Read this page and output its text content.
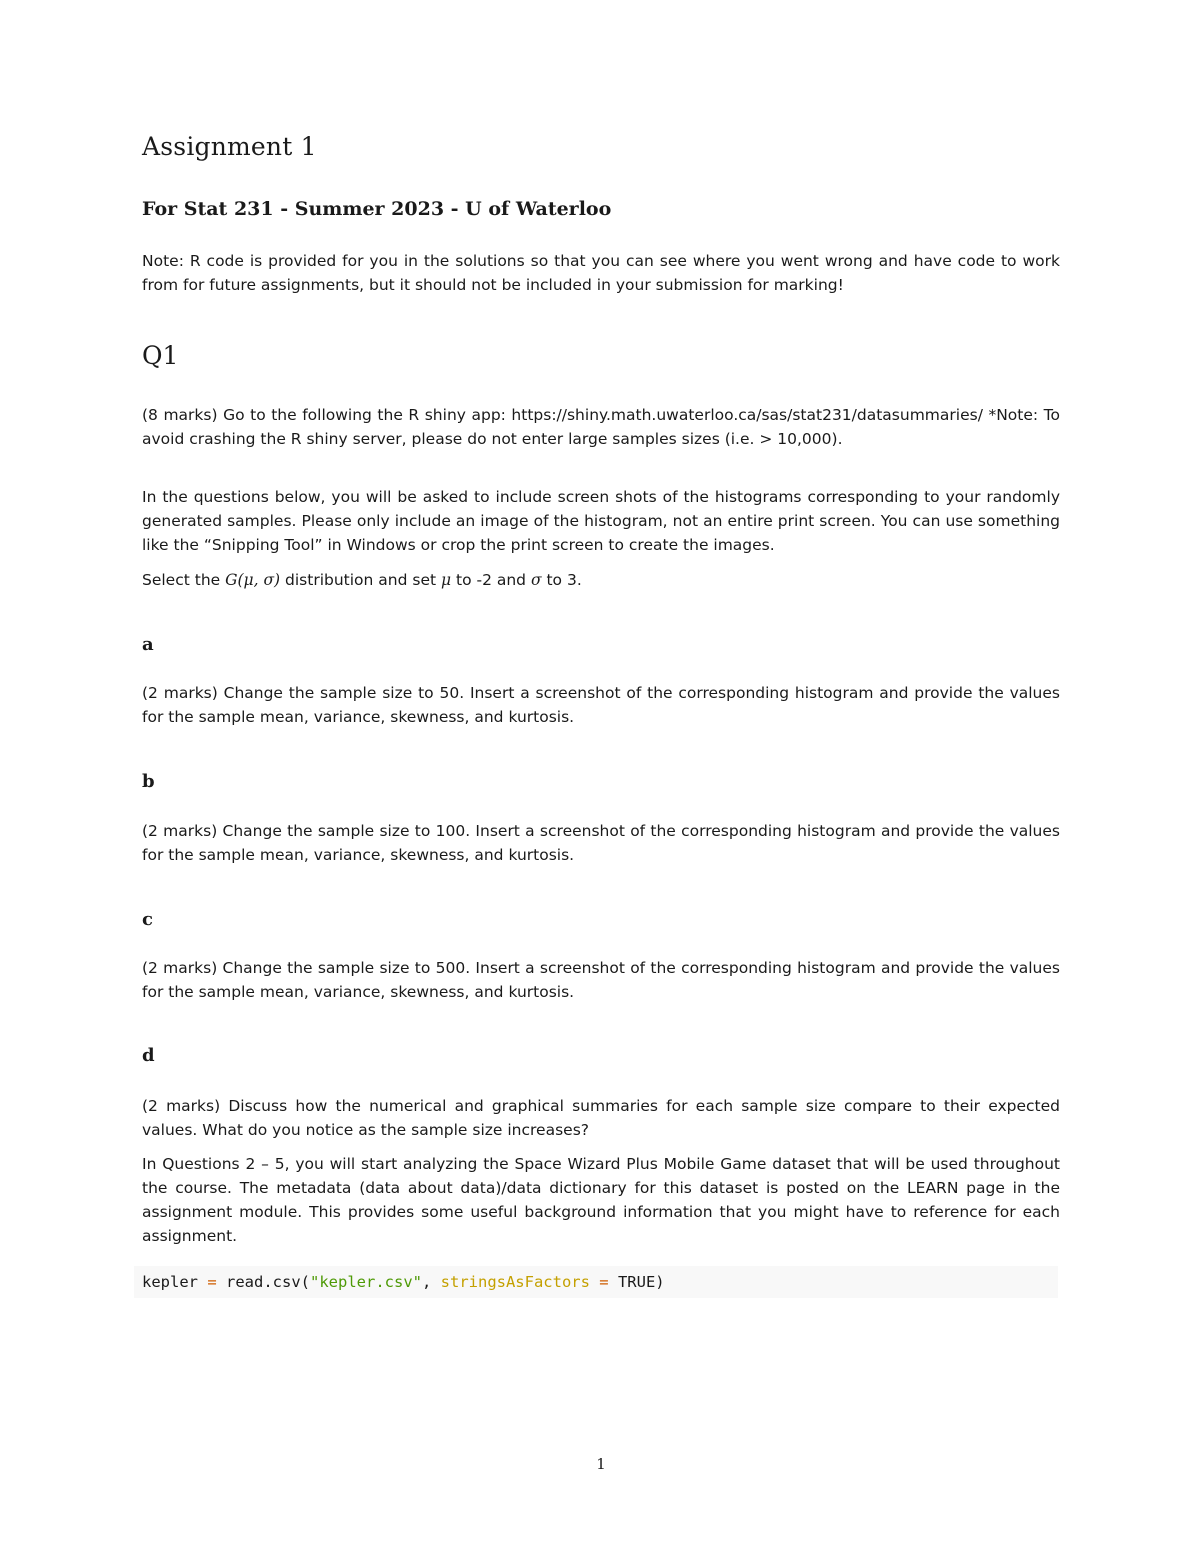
Assignment 1
For Stat 231 - Summer 2023 - U of Waterloo

Note: R code is provided for you in the solutions so that you can see where you went wrong and have code to work from for future assignments, but it should not be included in your submission for marking!

Q1

(8 marks) Go to the following the R shiny app: https://shiny.math.uwaterloo.ca/sas/stat231/datasummaries/ *Note: To avoid crashing the R shiny server, please do not enter large samples sizes (i.e. > 10,000).

In the questions below, you will be asked to include screen shots of the histograms corresponding to your randomly generated samples. Please only include an image of the histogram, not an entire print screen. You can use something like the “Snipping Tool” in Windows or crop the print screen to create the images.

Select the G(μ, σ) distribution and set μ to -2 and σ to 3.

a

(2 marks) Change the sample size to 50. Insert a screenshot of the corresponding histogram and provide the values for the sample mean, variance, skewness, and kurtosis.

b

(2 marks) Change the sample size to 100. Insert a screenshot of the corresponding histogram and provide the values for the sample mean, variance, skewness, and kurtosis.

c

(2 marks) Change the sample size to 500. Insert a screenshot of the corresponding histogram and provide the values for the sample mean, variance, skewness, and kurtosis.

d

(2 marks) Discuss how the numerical and graphical summaries for each sample size compare to their expected values. What do you notice as the sample size increases?

In Questions 2 – 5, you will start analyzing the Space Wizard Plus Mobile Game dataset that will be used throughout the course. The metadata (data about data)/data dictionary for this dataset is posted on the LEARN page in the assignment module. This provides some useful background information that you might have to reference for each assignment.

kepler = read.csv("kepler.csv", stringsAsFactors = TRUE)

1
